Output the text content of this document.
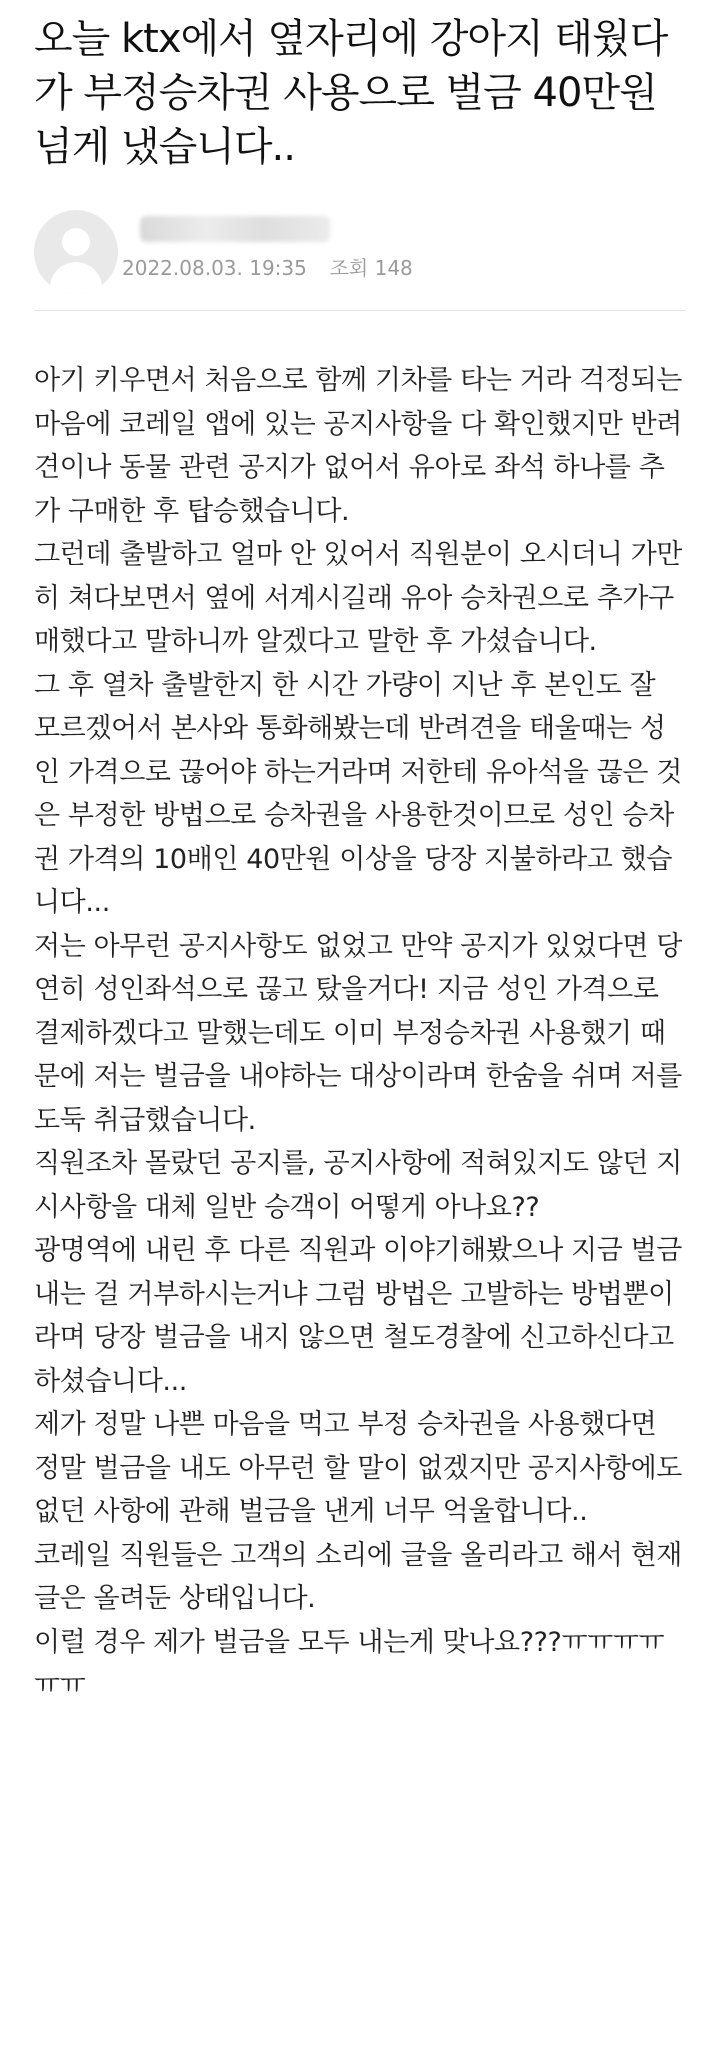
오늘 ktx에서 옆자리에 강아지 태웠다가 부정승차권 사용으로 벌금 40만원 넘게 냈습니다..
2022.08.03. 19:35 조회 148

아기 키우면서 처음으로 함께 기차를 타는 거라 걱정되는 마음에 코레일 앱에 있는 공지사항을 다 확인했지만 반려견이나 동물 관련 공지가 없어서 유아로 좌석 하나를 추가 구매한 후 탑승했습니다.

그런데 출발하고 얼마 안 있어서 직원분이 오시더니 가만히 쳐다보면서 옆에 서계시길래 유아 승차권으로 추가구매했다고 말하니까 알겠다고 말한 후 가셨습니다.

그 후 열차 출발한지 한 시간 가량이 지난 후 본인도 잘 모르겠어서 본사와 통화해봤는데 반려견을 태울때는 성인 가격으로 끊어야 하는거라며 저한테 유아석을 끊은 것은 부정한 방법으로 승차권을 사용한것이므로 성인 승차권 가격의 10배인 40만원 이상을 당장 지불하라고 했습니다...

저는 아무런 공지사항도 없었고 만약 공지가 있었다면 당연히 성인좌석으로 끊고 탔을거다! 지금 성인 가격으로 결제하겠다고 말했는데도 이미 부정승차권 사용했기 때문에 저는 벌금을 내야하는 대상이라며 한숨을 쉬며 저를 도둑 취급했습니다.

직원조차 몰랐던 공지를, 공지사항에 적혀있지도 않던 지시사항을 대체 일반 승객이 어떻게 아나요??

광명역에 내린 후 다른 직원과 이야기해봤으나 지금 벌금 내는 걸 거부하시는거냐 그럼 방법은 고발하는 방법뿐이라며 당장 벌금을 내지 않으면 철도경찰에 신고하신다고 하셨습니다...

제가 정말 나쁜 마음을 먹고 부정 승차권을 사용했다면 정말 벌금을 내도 아무런 할 말이 없겠지만 공지사항에도 없던 사항에 관해 벌금을 낸게 너무 억울합니다..

코레일 직원들은 고객의 소리에 글을 올리라고 해서 현재 글은 올려둔 상태입니다.

이럴 경우 제가 벌금을 모두 내는게 맞나요???ㅠㅠㅠㅠㅠㅠ
